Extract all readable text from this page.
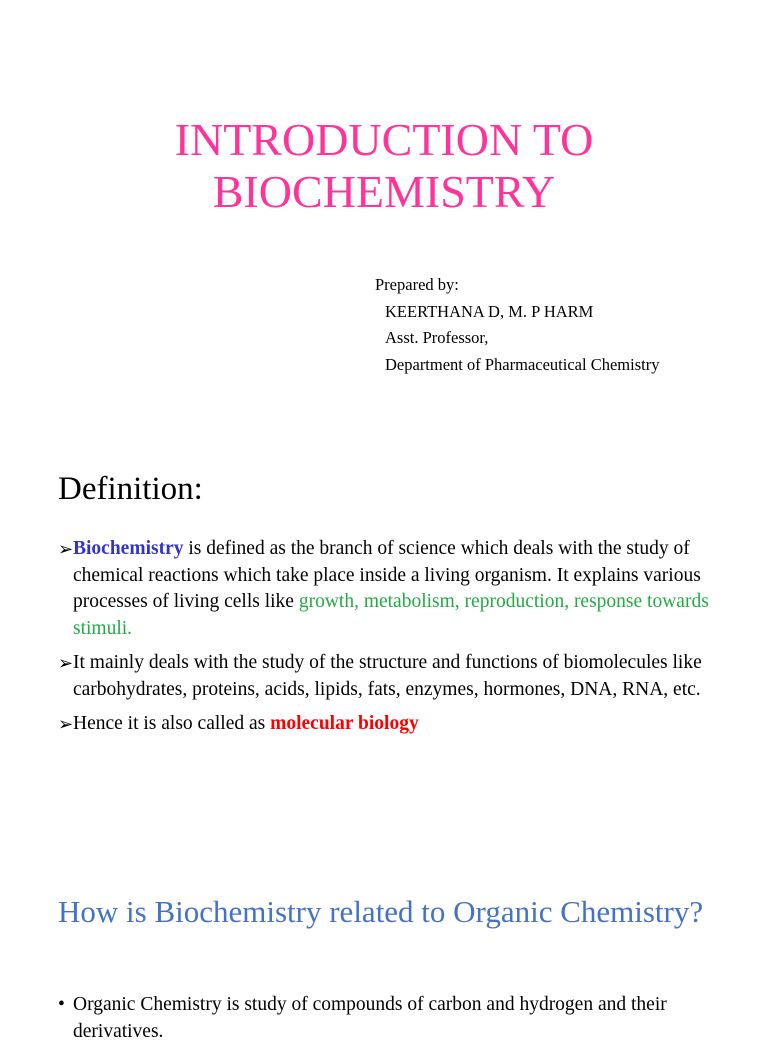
INTRODUCTION TO
BIOCHEMISTRY
Prepared by:
KEERTHANA D, M. P HARM
Asst. Professor,
Department of Pharmaceutical Chemistry
Definition:
➢ Biochemistry is defined as the branch of science which deals with the study of chemical reactions which take place inside a living organism. It explains various processes of living cells like growth, metabolism, reproduction, response towards stimuli.
➢ It mainly deals with the study of the structure and functions of biomolecules like carbohydrates, proteins, acids, lipids, fats, enzymes, hormones, DNA, RNA, etc.
➢ Hence it is also called as molecular biology
How is Biochemistry related to Organic Chemistry?
• Organic Chemistry is study of compounds of carbon and hydrogen and their derivatives.
